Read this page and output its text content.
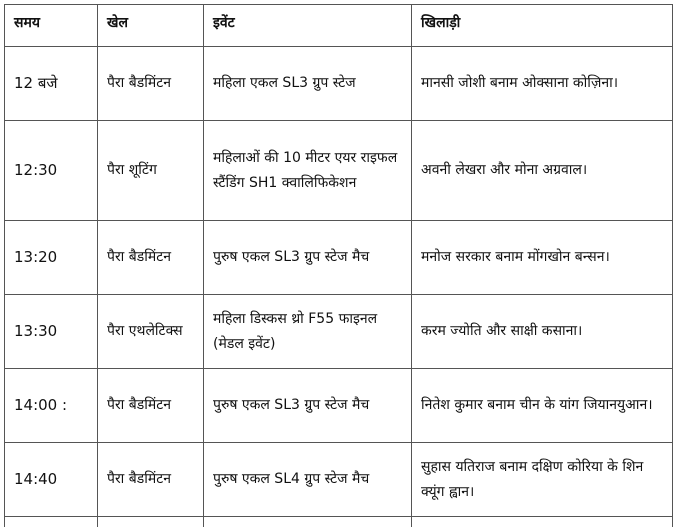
समय	खेल	इवेंट	खिलाड़ी
12 बजे	पैरा बैडमिंटन	महिला एकल SL3 ग्रुप स्टेज	मानसी जोशी बनाम ओक्साना कोज़िना।
12:30	पैरा शूटिंग	महिलाओं की 10 मीटर एयर राइफल स्टैंडिंग SH1 क्वालिफिकेशन	अवनी लेखरा और मोना अग्रवाल।
13:20	पैरा बैडमिंटन	पुरुष एकल SL3 ग्रुप स्टेज मैच	मनोज सरकार बनाम मोंगखोन बन्सन।
13:30	पैरा एथलेटिक्स	महिला डिस्कस थ्रो F55 फाइनल (मेडल इवेंट)	करम ज्योति और साक्षी कसाना।
14:00 :	पैरा बैडमिंटन	पुरुष एकल SL3 ग्रुप स्टेज मैच	नितेश कुमार बनाम चीन के यांग जियानयुआन।
14:40	पैरा बैडमिंटन	पुरुष एकल SL4 ग्रुप स्टेज मैच	सुहास यतिराज बनाम दक्षिण कोरिया के शिन क्यूंग ह्वान।
